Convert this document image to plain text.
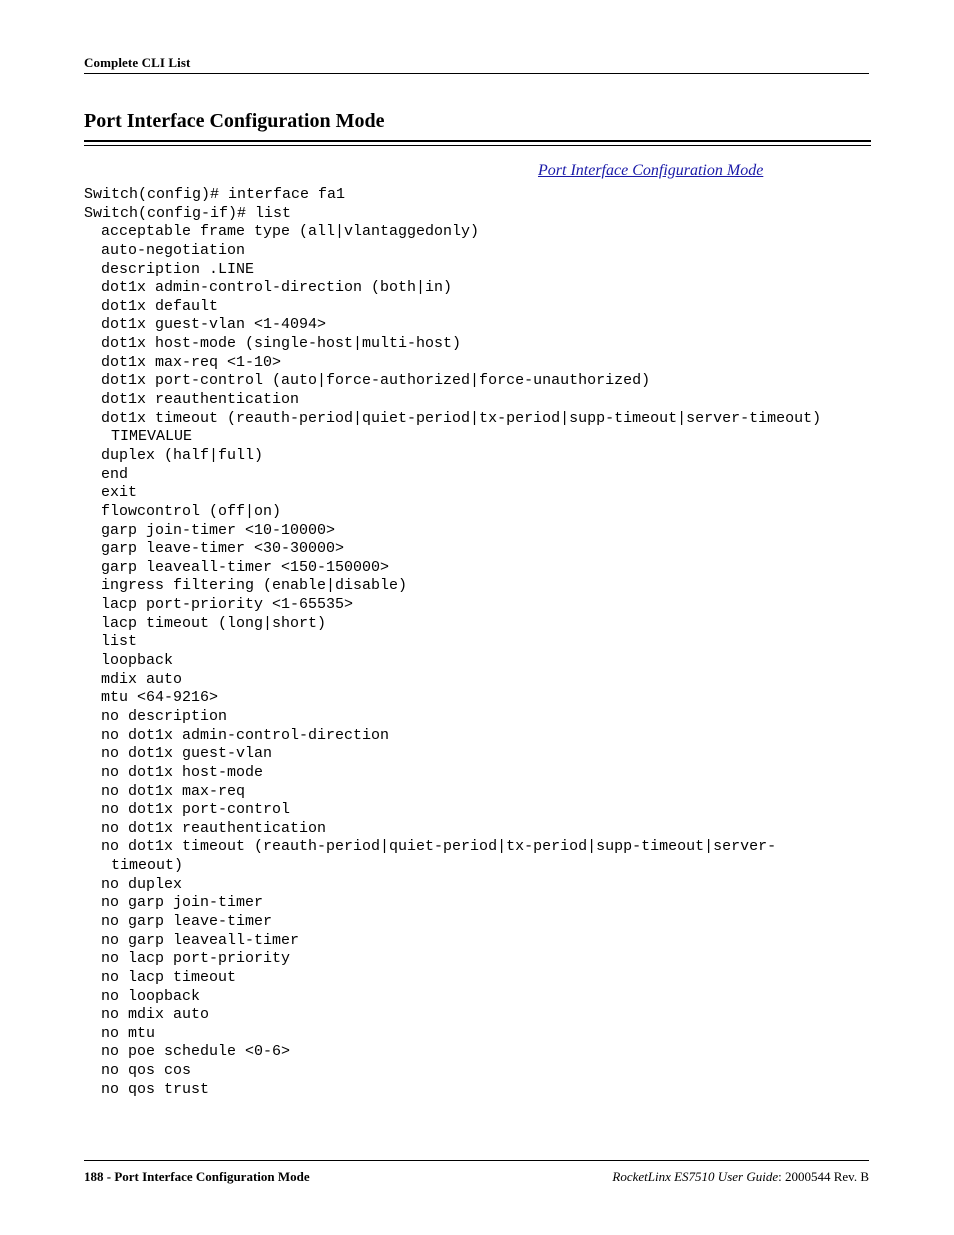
Complete CLI List
Port Interface Configuration Mode
Port Interface Configuration Mode
Switch(config)# interface fa1
Switch(config-if)# list
acceptable frame type (all|vlantaggedonly)
auto-negotiation
description .LINE
dot1x admin-control-direction (both|in)
dot1x default
dot1x guest-vlan <1-4094>
dot1x host-mode (single-host|multi-host)
dot1x max-req <1-10>
dot1x port-control (auto|force-authorized|force-unauthorized)
dot1x reauthentication
dot1x timeout (reauth-period|quiet-period|tx-period|supp-timeout|server-timeout)
TIMEVALUE
duplex (half|full)
end
exit
flowcontrol (off|on)
garp join-timer <10-10000>
garp leave-timer <30-30000>
garp leaveall-timer <150-150000>
ingress filtering (enable|disable)
lacp port-priority <1-65535>
lacp timeout (long|short)
list
loopback
mdix auto
mtu <64-9216>
no description
no dot1x admin-control-direction
no dot1x guest-vlan
no dot1x host-mode
no dot1x max-req
no dot1x port-control
no dot1x reauthentication
no dot1x timeout (reauth-period|quiet-period|tx-period|supp-timeout|server-
timeout)
no duplex
no garp join-timer
no garp leave-timer
no garp leaveall-timer
no lacp port-priority
no lacp timeout
no loopback
no mdix auto
no mtu
no poe schedule <0-6>
no qos cos
no qos trust
188 - Port Interface Configuration Mode	RocketLinx ES7510 User Guide: 2000544 Rev. B
